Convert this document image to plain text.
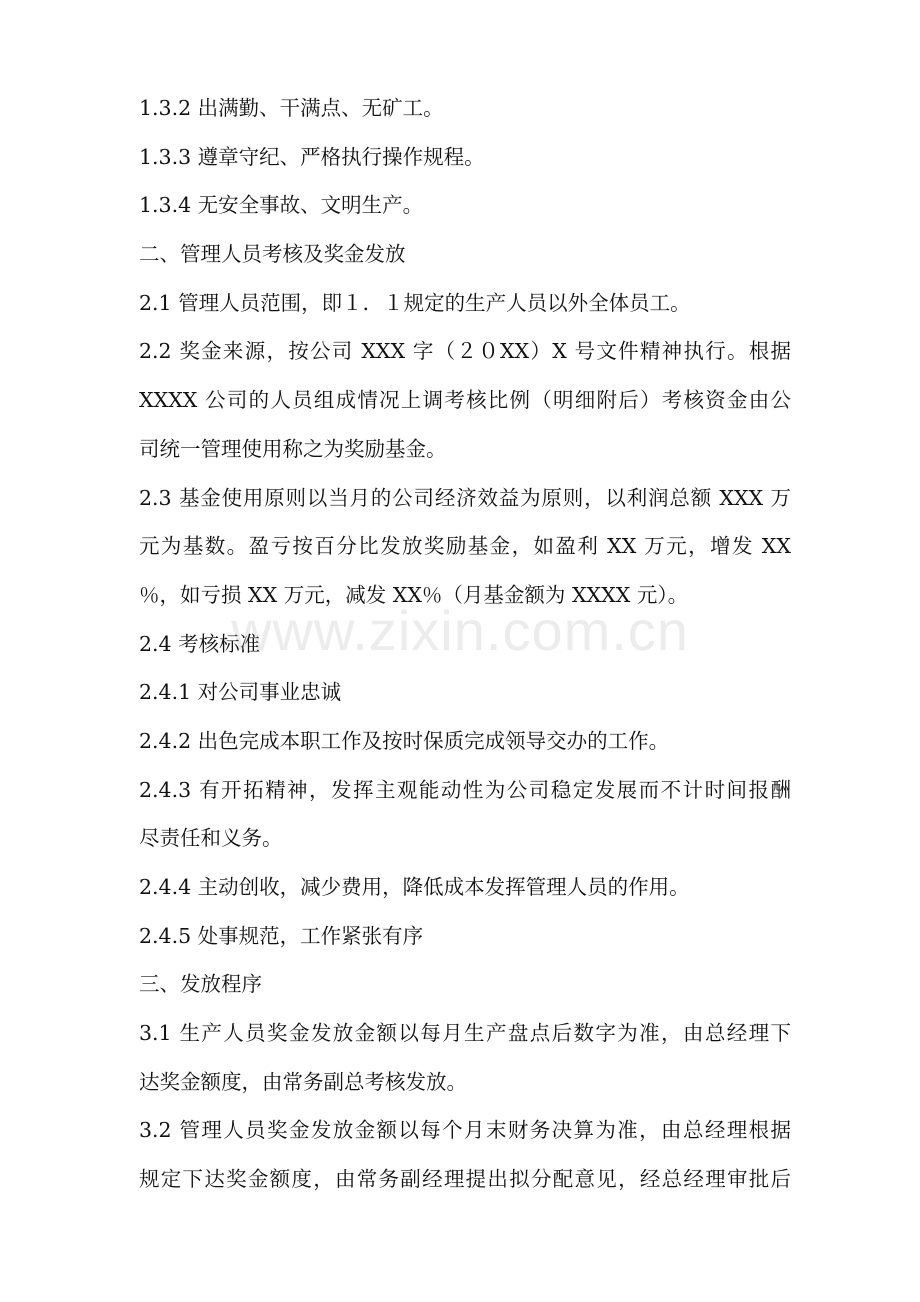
1.3.2 出满勤、干满点、无矿工。
1.3.3 遵章守纪、严格执行操作规程。
1.3.4 无安全事故、文明生产。
二、管理人员考核及奖金发放
2.1 管理人员范围，即１．１规定的生产人员以外全体员工。
2.2 奖金来源，按公司 XXX 字（２０XX）X 号文件精神执行。根据
XXXX 公司的人员组成情况上调考核比例（明细附后）考核资金由公
司统一管理使用称之为奖励基金。
2.3 基金使用原则以当月的公司经济效益为原则，以利润总额 XXX 万
元为基数。盈亏按百分比发放奖励基金，如盈利 XX 万元，增发 XX
％，如亏损 XX 万元，减发 XX％（月基金额为 XXXX 元）。
2.4 考核标准
2.4.1 对公司事业忠诚
2.4.2 出色完成本职工作及按时保质完成领导交办的工作。
2.4.3 有开拓精神，发挥主观能动性为公司稳定发展而不计时间报酬
尽责任和义务。
2.4.4 主动创收，减少费用，降低成本发挥管理人员的作用。
2.4.5 处事规范，工作紧张有序
三、发放程序
3.1 生产人员奖金发放金额以每月生产盘点后数字为准，由总经理下
达奖金额度，由常务副总考核发放。
3.2 管理人员奖金发放金额以每个月末财务决算为准，由总经理根据
规定下达奖金额度，由常务副经理提出拟分配意见，经总经理审批后
www.zixin.com.cn
